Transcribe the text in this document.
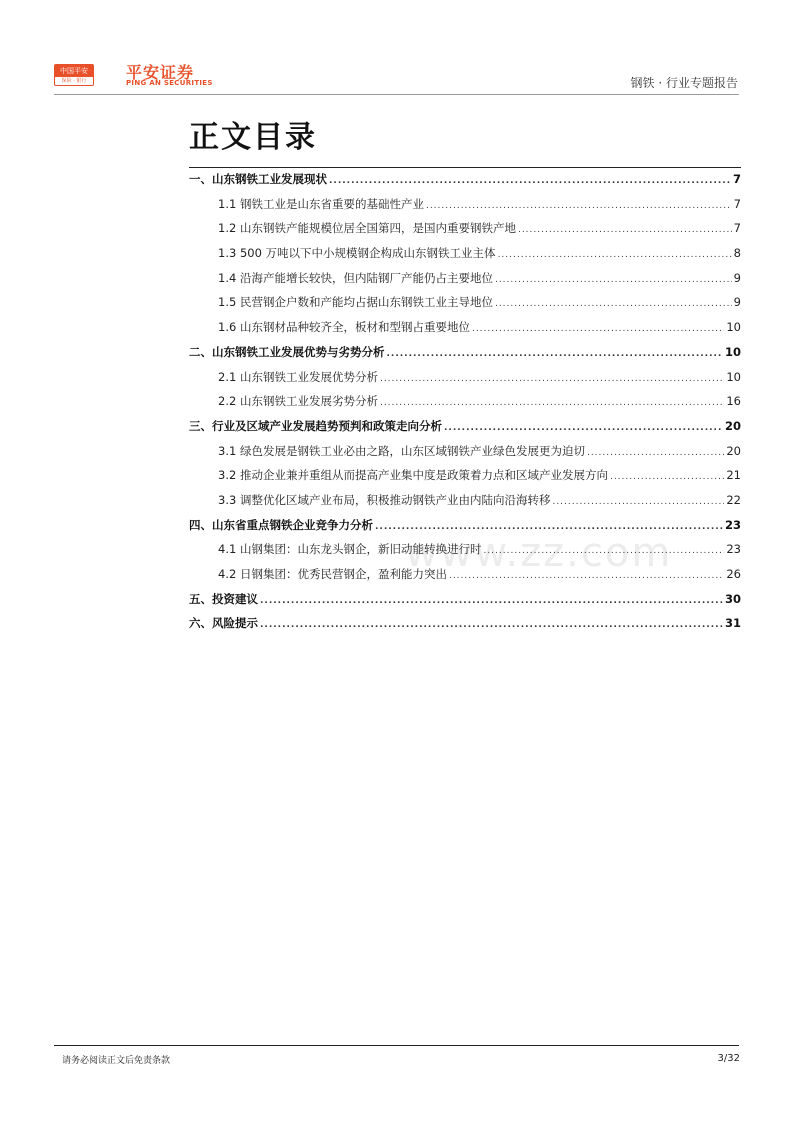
中国平安
保险 · 银行	平安证券
PING AN SECURITIES	钢铁 · 行业专题报告
正文目录
www.zz.com
一、山东钢铁工业发展现状 .....	7
1.1 钢铁工业是山东省重要的基础性产业 .....	7
1.2 山东钢铁产能规模位居全国第四，是国内重要钢铁产地 .....	7
1.3 500 万吨以下中小规模钢企构成山东钢铁工业主体 .....	8
1.4 沿海产能增长较快，但内陆钢厂产能仍占主要地位 .....	9
1.5 民营钢企户数和产能均占据山东钢铁工业主导地位 .....	9
1.6 山东钢材品种较齐全，板材和型钢占重要地位 .....	10
二、山东钢铁工业发展优势与劣势分析 .....	10
2.1 山东钢铁工业发展优势分析 .....	10
2.2 山东钢铁工业发展劣势分析 .....	16
三、行业及区域产业发展趋势预判和政策走向分析 .....	20
3.1 绿色发展是钢铁工业必由之路，山东区域钢铁产业绿色发展更为迫切 .....	20
3.2 推动企业兼并重组从而提高产业集中度是政策着力点和区域产业发展方向 .....	21
3.3 调整优化区域产业布局，积极推动钢铁产业由内陆向沿海转移 .....	22
四、山东省重点钢铁企业竞争力分析 .....	23
4.1 山钢集团：山东龙头钢企，新旧动能转换进行时 .....	23
4.2 日钢集团：优秀民营钢企，盈利能力突出 .....	26
五、投资建议 .....	30
六、风险提示 .....	31
请务必阅读正文后免责条款	3/32
